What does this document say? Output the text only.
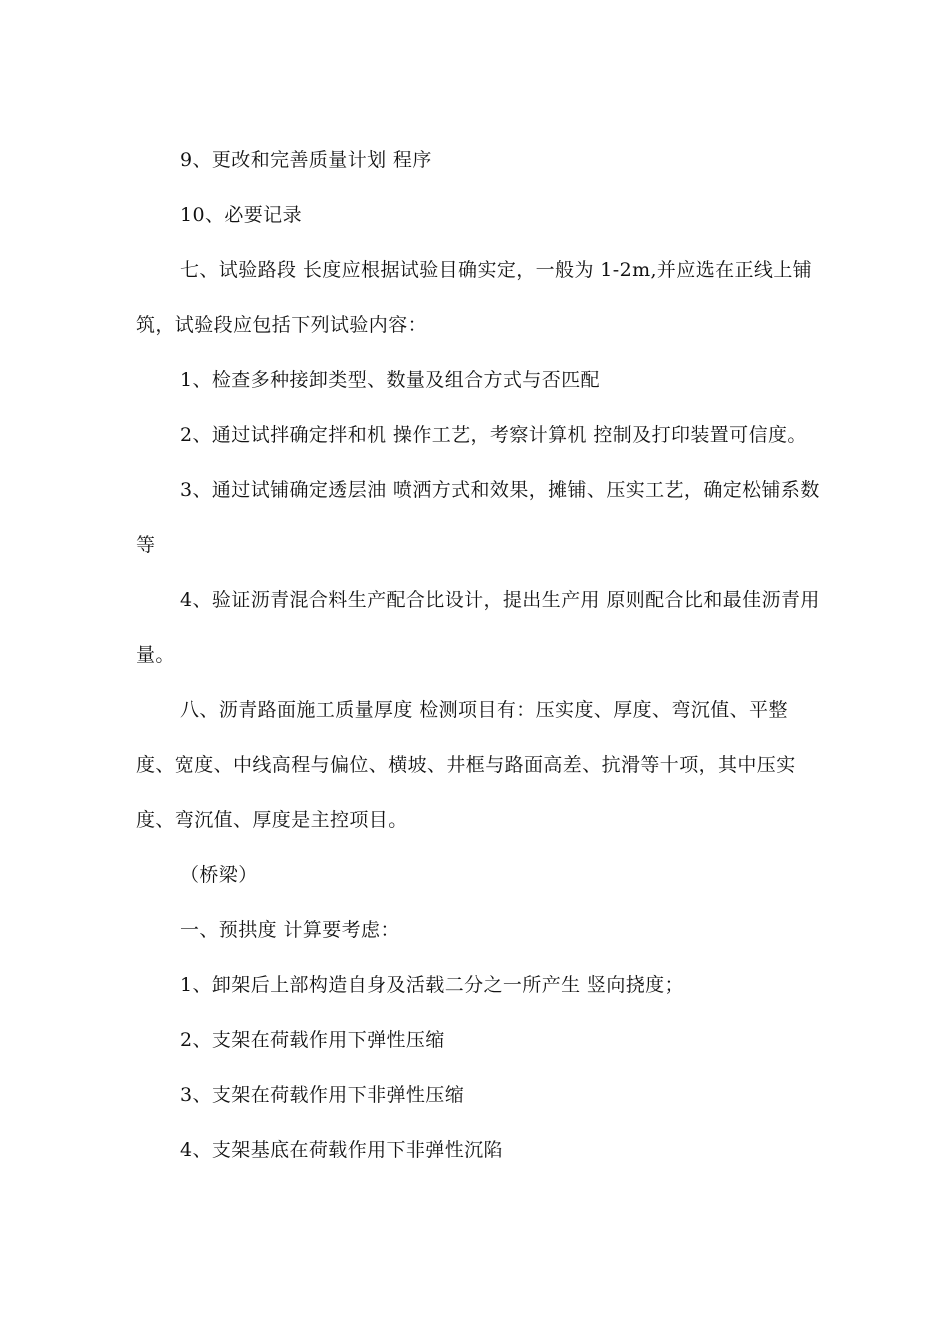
9、更改和完善质量计划 程序

10、必要记录

七、试验路段 长度应根据试验目确实定，一般为 1-2m,并应选在正线上铺筑，试验段应包括下列试验内容：

1、检查多种接卸类型、数量及组合方式与否匹配

2、通过试拌确定拌和机 操作工艺，考察计算机 控制及打印装置可信度。

3、通过试铺确定透层油 喷洒方式和效果，摊铺、压实工艺，确定松铺系数等

4、验证沥青混合料生产配合比设计，提出生产用 原则配合比和最佳沥青用量。

八、沥青路面施工质量厚度 检测项目有：压实度、厚度、弯沉值、平整度、宽度、中线高程与偏位、横坡、井框与路面高差、抗滑等十项，其中压实度、弯沉值、厚度是主控项目。

（桥梁）

一、预拱度 计算要考虑：

1、卸架后上部构造自身及活载二分之一所产生 竖向挠度；

2、支架在荷载作用下弹性压缩

3、支架在荷载作用下非弹性压缩

4、支架基底在荷载作用下非弹性沉陷
